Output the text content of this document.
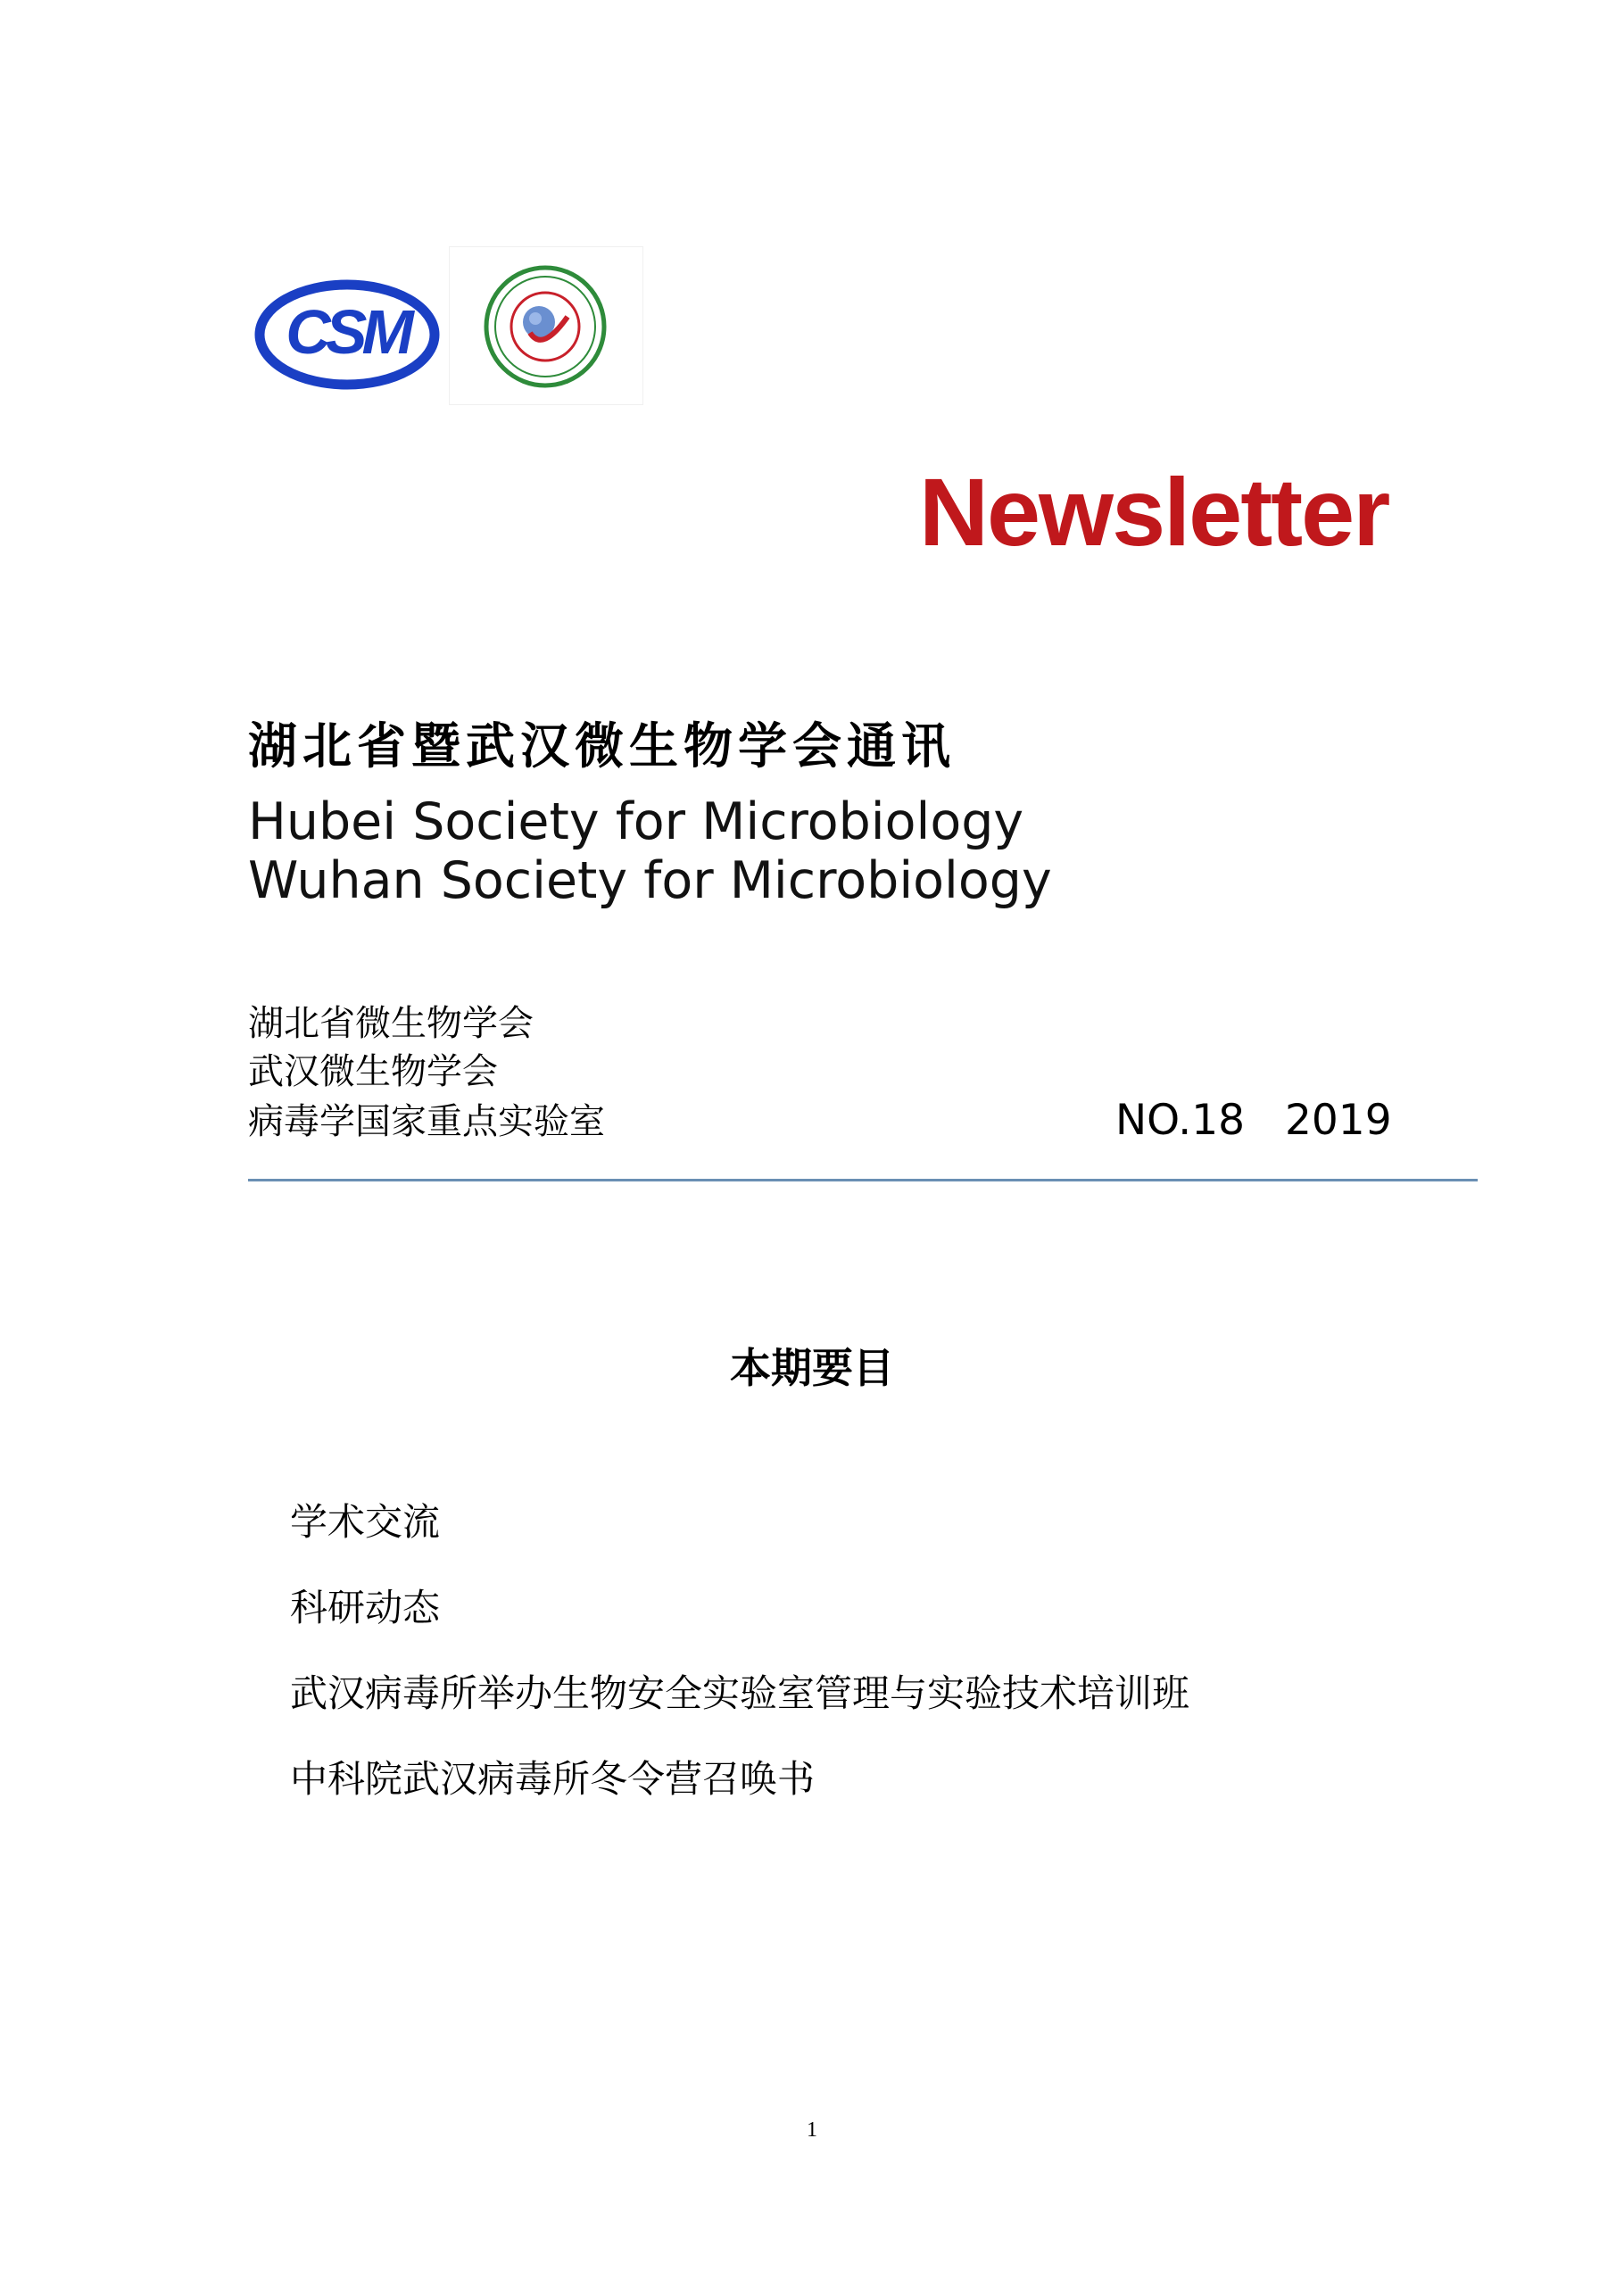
CSM
Newsletter
湖北省暨武汉微生物学会通讯
Hubei Society for Microbiology
Wuhan Society for Microbiology
湖北省微生物学会
武汉微生物学会
病毒学国家重点实验室	NO.18 2019
本期要目
学术交流
科研动态
武汉病毒所举办生物安全实验室管理与实验技术培训班
中科院武汉病毒所冬令营召唤书
1
